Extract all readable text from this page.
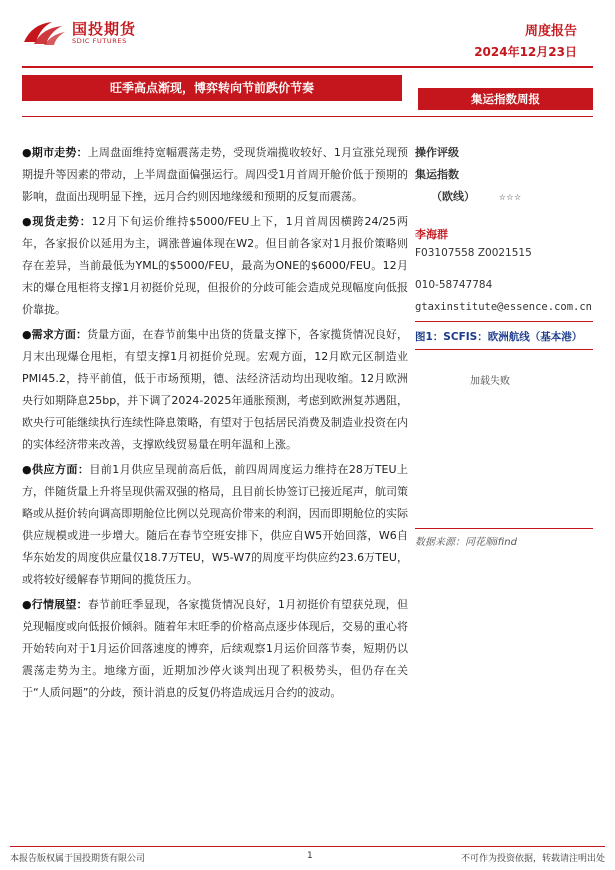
国投期货
SDIC FUTURES
周度报告
2024年12月23日
旺季高点渐现，博弈转向节前跌价节奏
集运指数周报

●期市走势：上周盘面维持宽幅震荡走势，受现货端揽收较好、1月宣涨兑现预期提升等因素的带动，上半周盘面偏强运行。周四受1月首周开舱价低于预期的影响，盘面出现明显下挫，远月合约则因地缘缓和预期的反复而震荡。

●现货走势：12月下旬运价维持$5000/FEU上下，1月首周因横跨24/25两年，各家报价以延用为主，调涨普遍体现在W2。但目前各家对1月报价策略则存在差异，当前最低为YML的$5000/FEU，最高为ONE的$6000/FEU。12月末的爆仓甩柜将支撑1月初挺价兑现，但报价的分歧可能会造成兑现幅度向低报价靠拢。

●需求方面：货量方面，在春节前集中出货的货量支撑下，各家揽货情况良好，月末出现爆仓甩柜，有望支撑1月初挺价兑现。宏观方面，12月欧元区制造业PMI45.2，持平前值，低于市场预期，德、法经济活动均出现收缩。12月欧洲央行如期降息25bp，并下调了2024-2025年通胀预测，考虑到欧洲复苏遇阻，欧央行可能继续执行连续性降息策略，有望对于包括居民消费及制造业投资在内的实体经济带来改善，支撑欧线贸易量在明年温和上涨。

●供应方面：目前1月供应呈现前高后低，前四周周度运力维持在28万TEU上方，伴随货量上升将呈现供需双强的格局，且目前长协签订已接近尾声，航司策略或从挺价转向调高即期舱位比例以兑现高价带来的利润，因而即期舱位的实际供应规模或进一步增大。随后在春节空班安排下，供应自W5开始回落，W6自华东始发的周度供应量仅18.7万TEU，W5-W7的周度平均供应约23.6万TEU，或将较好缓解春节期间的揽货压力。

●行情展望：春节前旺季显现，各家揽货情况良好，1月初挺价有望获兑现，但兑现幅度或向低报价倾斜。随着年末旺季的价格高点逐步体现后，交易的重心将开始转向对于1月运价回落速度的博弈，后续观察1月运价回落节奏，短期仍以震荡走势为主。地缘方面，近期加沙停火谈判出现了积极势头，但仍存在关于“人质问题”的分歧，预计消息的反复仍将造成远月合约的波动。

操作评级
集运指数
（欧线）	☆☆☆
李海群
F03107558 Z0021515
010-58747784
gtaxinstitute@essence.com.cn
图1：SCFIS：欧洲航线（基本港）
加载失败
数据来源：同花顺ifind
本报告版权属于国投期货有限公司	1	不可作为投资依据，转载请注明出处
